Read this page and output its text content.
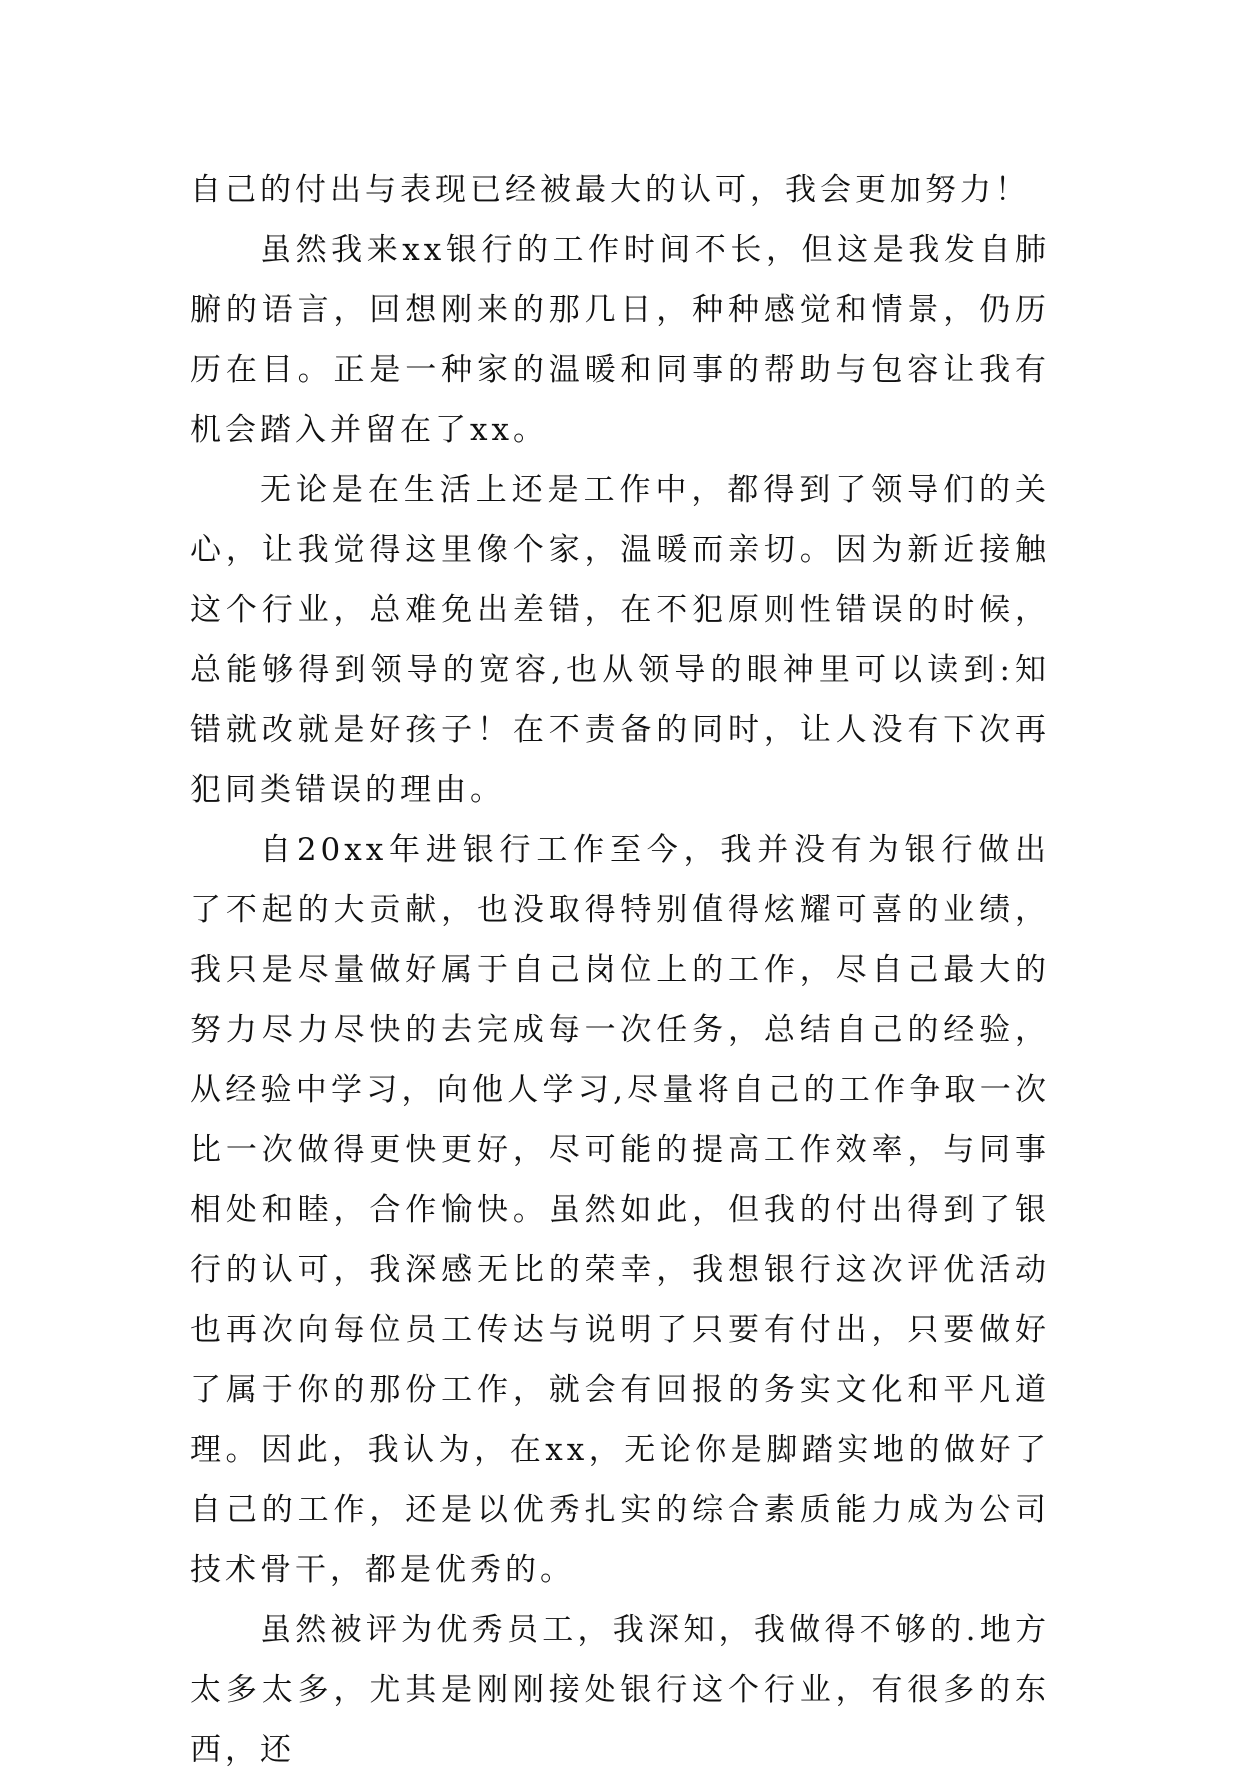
自己的付出与表现已经被最大的认可，我会更加努力！

虽然我来xx银行的工作时间不长，但这是我发自肺腑的语言，回想刚来的那几日，种种感觉和情景，仍历历在目。正是一种家的温暖和同事的帮助与包容让我有机会踏入并留在了xx。

无论是在生活上还是工作中，都得到了领导们的关心，让我觉得这里像个家，温暖而亲切。因为新近接触这个行业，总难免出差错，在不犯原则性错误的时候，总能够得到领导的宽容,也从领导的眼神里可以读到:知错就改就是好孩子！在不责备的同时，让人没有下次再犯同类错误的理由。

自20xx年进银行工作至今，我并没有为银行做出了不起的大贡献，也没取得特别值得炫耀可喜的业绩，我只是尽量做好属于自己岗位上的工作，尽自己最大的努力尽力尽快的去完成每一次任务，总结自己的经验，从经验中学习，向他人学习,尽量将自己的工作争取一次比一次做得更快更好，尽可能的提高工作效率，与同事相处和睦，合作愉快。虽然如此，但我的付出得到了银行的认可，我深感无比的荣幸，我想银行这次评优活动也再次向每位员工传达与说明了只要有付出，只要做好了属于你的那份工作，就会有回报的务实文化和平凡道理。因此，我认为，在xx，无论你是脚踏实地的做好了自己的工作，还是以优秀扎实的综合素质能力成为公司技术骨干，都是优秀的。

虽然被评为优秀员工，我深知，我做得不够的.地方太多太多，尤其是刚刚接处银行这个行业，有很多的东西，还
